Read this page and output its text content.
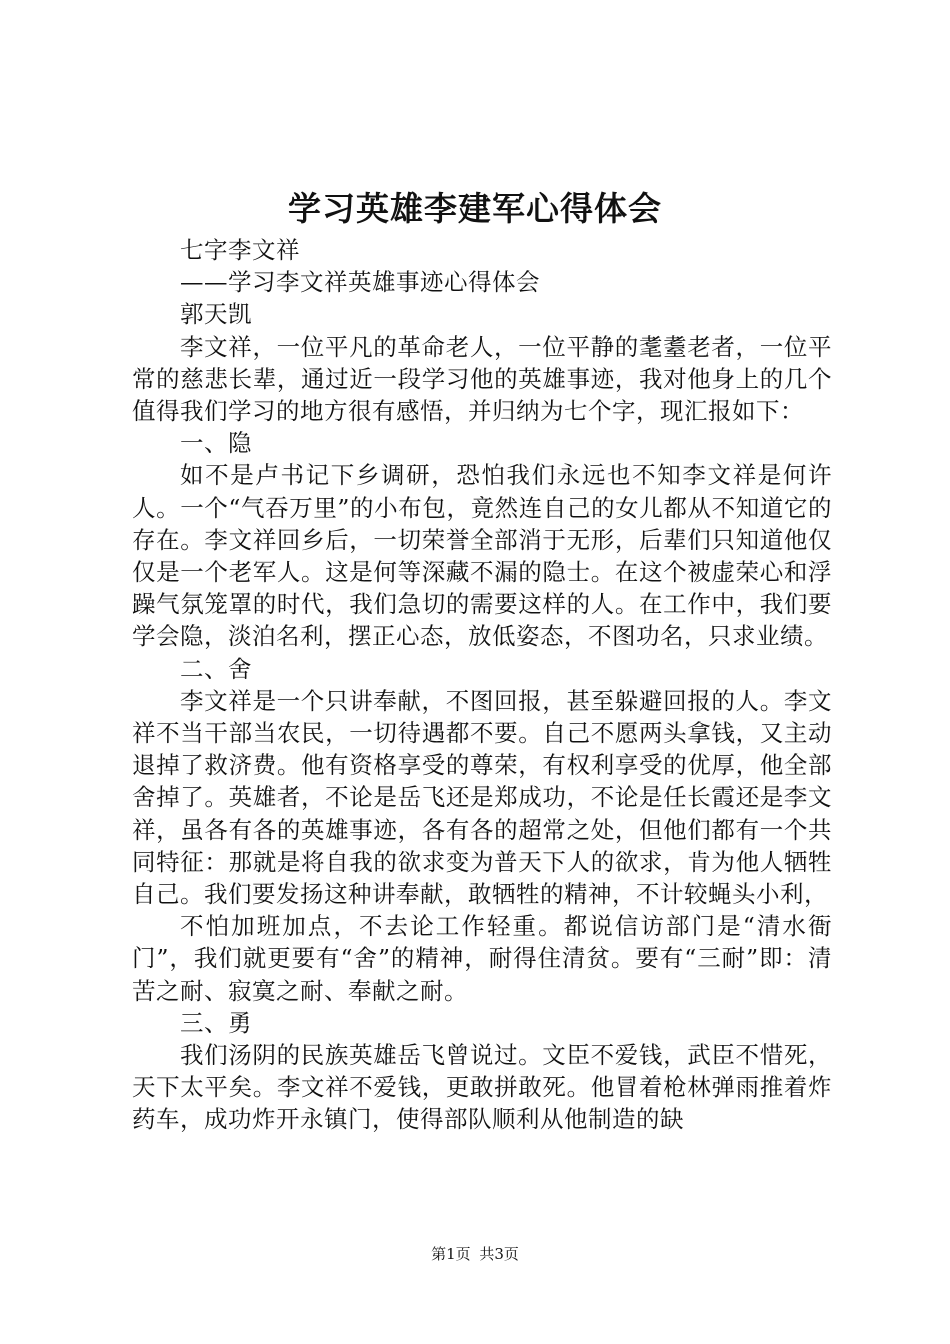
学习英雄李建军心得体会

七字李文祥

——学习李文祥英雄事迹心得体会

郭天凯

李文祥，一位平凡的革命老人，一位平静的耄耋老者，一位平常的慈悲长辈，通过近一段学习他的英雄事迹，我对他身上的几个值得我们学习的地方很有感悟，并归纳为七个字，现汇报如下：

一、隐

如不是卢书记下乡调研，恐怕我们永远也不知李文祥是何许人。一个“气吞万里”的小布包，竟然连自己的女儿都从不知道它的存在。李文祥回乡后，一切荣誉全部消于无形，后辈们只知道他仅仅是一个老军人。这是何等深藏不漏的隐士。在这个被虚荣心和浮躁气氛笼罩的时代，我们急切的需要这样的人。在工作中，我们要学会隐，淡泊名利，摆正心态，放低姿态，不图功名，只求业绩。

二、舍

李文祥是一个只讲奉献，不图回报，甚至躲避回报的人。李文祥不当干部当农民，一切待遇都不要。自己不愿两头拿钱，又主动退掉了救济费。他有资格享受的尊荣，有权利享受的优厚，他全部舍掉了。英雄者，不论是岳飞还是郑成功，不论是任长霞还是李文祥，虽各有各的英雄事迹，各有各的超常之处，但他们都有一个共同特征：那就是将自我的欲求变为普天下人的欲求，肯为他人牺牲自己。我们要发扬这种讲奉献，敢牺牲的精神，不计较蝇头小利，

不怕加班加点，不去论工作轻重。都说信访部门是“清水衙门”，我们就更要有“舍”的精神，耐得住清贫。要有“三耐”即：清苦之耐、寂寞之耐、奉献之耐。

三、勇

我们汤阴的民族英雄岳飞曾说过。文臣不爱钱，武臣不惜死，天下太平矣。李文祥不爱钱，更敢拼敢死。他冒着枪林弹雨推着炸药车，成功炸开永镇门，使得部队顺利从他制造的缺

第1页 共3页
